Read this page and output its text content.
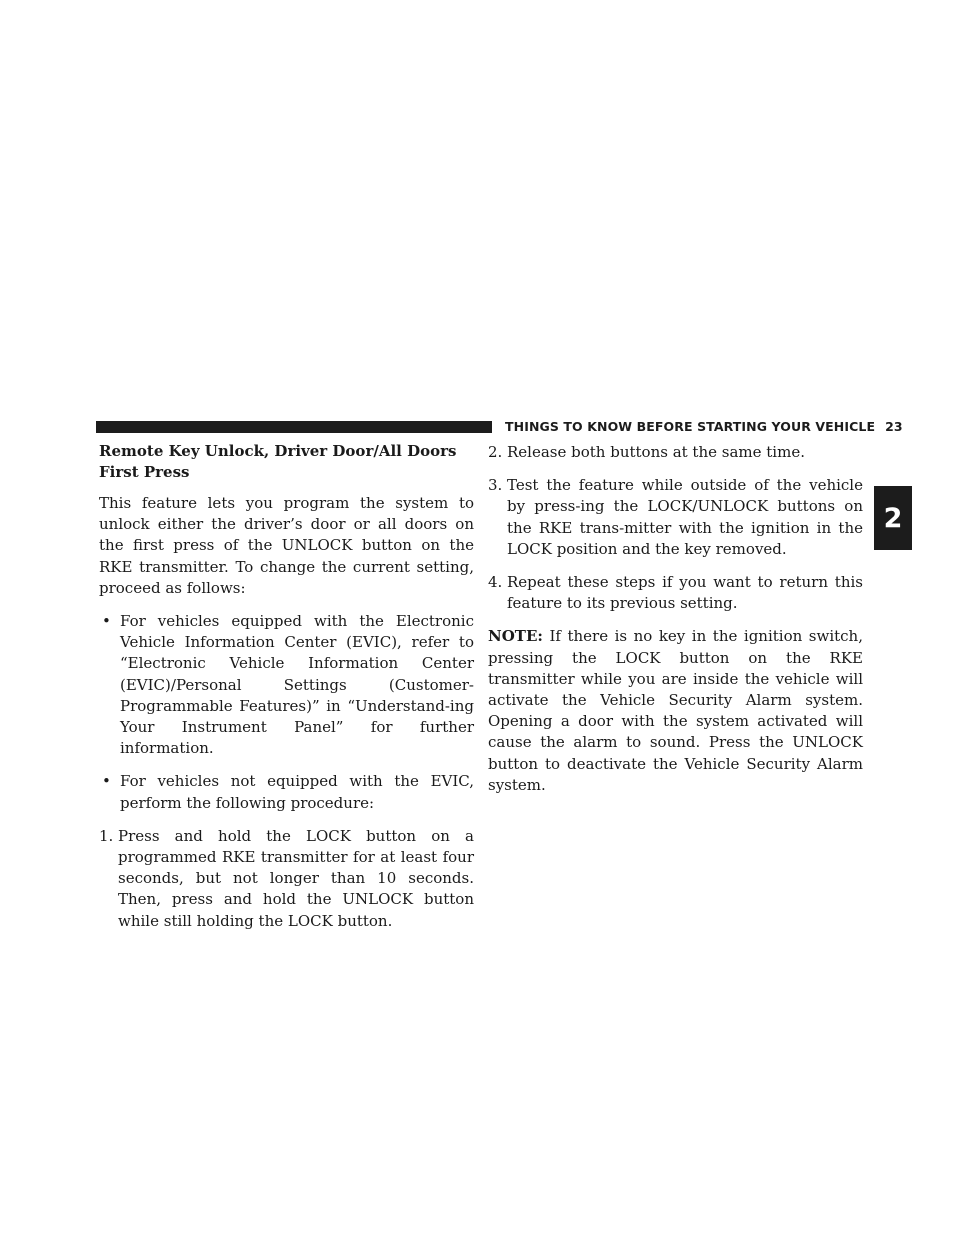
THINGS TO KNOW BEFORE STARTING YOUR VEHICLE 23
2
Remote Key Unlock, Driver Door/All Doors First Press

This feature lets you program the system to unlock either the driver’s door or all doors on the first press of the UNLOCK button on the RKE transmitter. To change the current setting, proceed as follows:

• For vehicles equipped with the Electronic Vehicle Information Center (EVIC), refer to “Electronic Vehicle Information Center (EVIC)/Personal Settings (Customer-Programmable Features)” in “Understand-ing Your Instrument Panel” for further information.
• For vehicles not equipped with the EVIC, perform the following procedure:
1. Press and hold the LOCK button on a programmed RKE transmitter for at least four seconds, but not longer than 10 seconds. Then, press and hold the UNLOCK button while still holding the LOCK button.
2. Release both buttons at the same time.
3. Test the feature while outside of the vehicle by press-ing the LOCK/UNLOCK buttons on the RKE trans-mitter with the ignition in the LOCK position and the key removed.
4. Repeat these steps if you want to return this feature to its previous setting.

NOTE: If there is no key in the ignition switch, pressing the LOCK button on the RKE transmitter while you are inside the vehicle will activate the Vehicle Security Alarm system. Opening a door with the system activated will cause the alarm to sound. Press the UNLOCK button to deactivate the Vehicle Security Alarm system.
